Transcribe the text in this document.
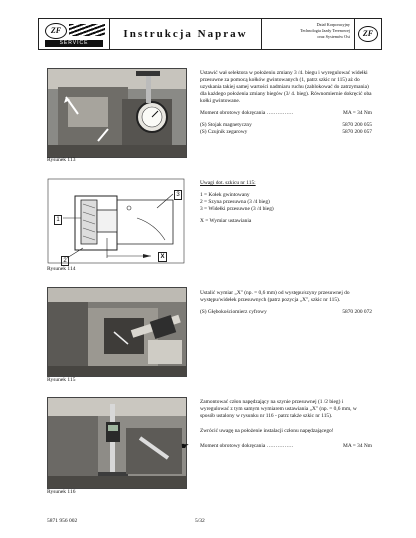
ZF
SERVICE
Instrukcja Napraw
Dział Korporacyjny
Technologia Jazdy Terenowej
oraz Systemów Osi	ZF
Rysunek 113

Ustawić wał selektora w położeniu zmiany 3 /4. biegu i wyregulować widełki przesuwne za pomocą kołków gwintowanych (1, patrz szkic nr 115) aż do uzyskania takiej samej wartości nadmiaru ruchu (zablokować do zatrzymania) dla każdego położenia zmiany biegów (3/ 4. bieg). Równomiernie dokręcić oba kołki gwintowane.

Moment obrotowy dokręcania ……………	MA = 34 Nm
(S) Stojak magnetyczny	5870 200 055
(S) Czujnik zegarowy	5870 200 057
3
1
2
X
Rysunek 114

Uwagi dot. szkicu nr 115:

1 = Kołek gwintowany
2 = Szyna przesuwna (3 /4 bieg)
3 = Widełki przesuwne (3 /4 bieg)
X = Wymiar ustawiania
Rysunek 115

Ustalić wymiar „X" (np. = 0,6 mm) od występu/szyny przesuwnej do występu/widełek przesuwnych (patrz pozycja „X", szkic nr 115).

(S) Głębokościomierz cyfrowy	5870 200 072
Rysunek 116

Zamontować człon napędzający na szynie przesuwnej (1 /2 bieg) i wyregulować z tym samym wymiarem ustawiania „X" (np. = 0,6 mm, w sposób ustalony w rysunku nr 116 - patrz także szkic nr 115).

Zwrócić uwagę na położenie instalacji członu napędzającego!

Moment obrotowy dokręcania ……………	MA = 34 Nm
☛
5871 956 002	5/32
